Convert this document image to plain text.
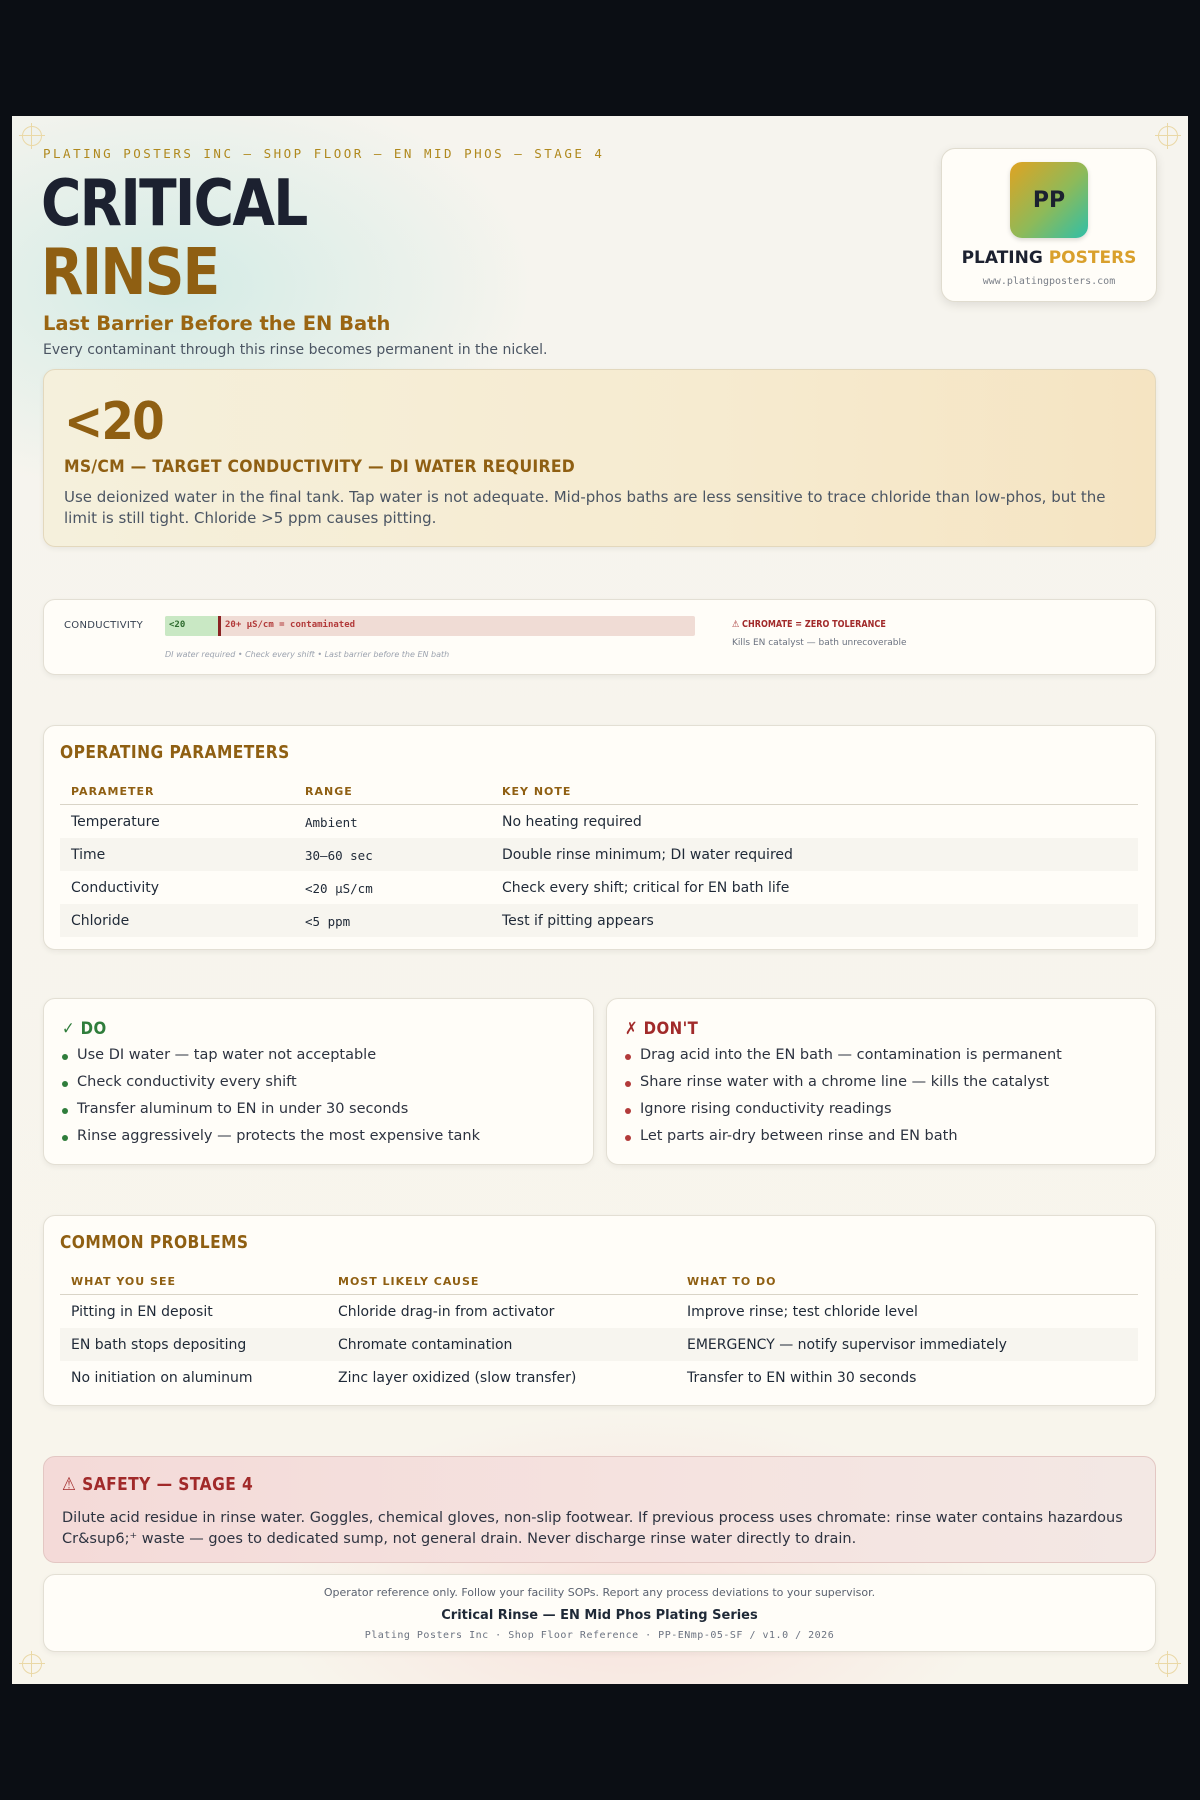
PLATING POSTERS INC — SHOP FLOOR — EN MID PHOS — STAGE 4
CRITICAL
RINSE
Last Barrier Before the EN Bath
Every contaminant through this rinse becomes permanent in the nickel.
PP
PLATING POSTERS
www.platingposters.com
<20
MS/CM — TARGET CONDUCTIVITY — DI WATER REQUIRED
Use deionized water in the final tank. Tap water is not adequate. Mid-phos baths are less sensitive to trace chloride than low-phos, but the limit is still tight. Chloride >5 ppm causes pitting.
CONDUCTIVITY	<20	20+ µS/cm = contaminated
DI water required • Check every shift • Last barrier before the EN bath
⚠ CHROMATE = ZERO TOLERANCE
Kills EN catalyst — bath unrecoverable
OPERATING PARAMETERS
PARAMETER	RANGE	KEY NOTE
Temperature	Ambient	No heating required
Time	30–60 sec	Double rinse minimum; DI water required
Conductivity	<20 µS/cm	Check every shift; critical for EN bath life
Chloride	<5 ppm	Test if pitting appears
✓ DO
Use DI water — tap water not acceptable
Check conductivity every shift
Transfer aluminum to EN in under 30 seconds
Rinse aggressively — protects the most expensive tank
✗ DON'T
Drag acid into the EN bath — contamination is permanent
Share rinse water with a chrome line — kills the catalyst
Ignore rising conductivity readings
Let parts air-dry between rinse and EN bath
COMMON PROBLEMS
WHAT YOU SEE	MOST LIKELY CAUSE	WHAT TO DO
Pitting in EN deposit	Chloride drag-in from activator	Improve rinse; test chloride level
EN bath stops depositing	Chromate contamination	EMERGENCY — notify supervisor immediately
No initiation on aluminum	Zinc layer oxidized (slow transfer)	Transfer to EN within 30 seconds
⚠ SAFETY — STAGE 4
Dilute acid residue in rinse water. Goggles, chemical gloves, non-slip footwear. If previous process uses chromate: rinse water contains hazardous Cr&sup6;⁺ waste — goes to dedicated sump, not general drain. Never discharge rinse water directly to drain.
Operator reference only. Follow your facility SOPs. Report any process deviations to your supervisor.
Critical Rinse — EN Mid Phos Plating Series
Plating Posters Inc · Shop Floor Reference · PP-ENmp-05-SF / v1.0 / 2026
